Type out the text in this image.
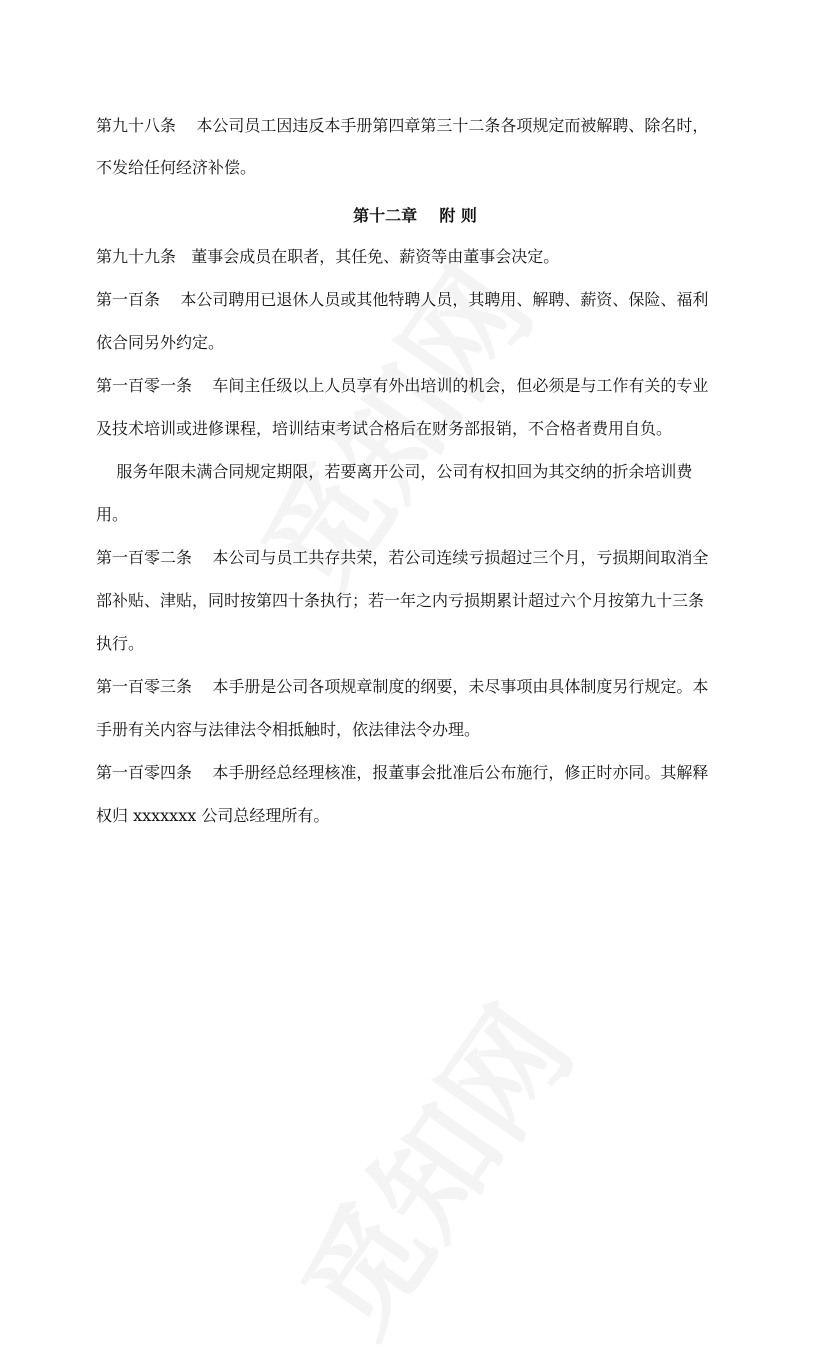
第九十八条    本公司员工因违反本手册第四章第三十二条各项规定而被解聘、除名时，
不发给任何经济补偿。
第十二章    附 则
第九十九条   董事会成员在职者，其任免、薪资等由董事会决定。
第一百条    本公司聘用已退休人员或其他特聘人员，其聘用、解聘、薪资、保险、福利
依合同另外约定。
第一百零一条    车间主任级以上人员享有外出培训的机会，但必须是与工作有关的专业
及技术培训或进修课程，培训结束考试合格后在财务部报销，不合格者费用自负。
服务年限未满合同规定期限，若要离开公司，公司有权扣回为其交纳的折余培训费
用。
第一百零二条    本公司与员工共存共荣，若公司连续亏损超过三个月，亏损期间取消全
部补贴、津贴，同时按第四十条执行；若一年之内亏损期累计超过六个月按第九十三条
执行。
第一百零三条    本手册是公司各项规章制度的纲要，未尽事项由具体制度另行规定。本
手册有关内容与法律法令相抵触时，依法律法令办理。
第一百零四条    本手册经总经理核准，报董事会批准后公布施行，修正时亦同。其解释
权归 xxxxxxx 公司总经理所有。
